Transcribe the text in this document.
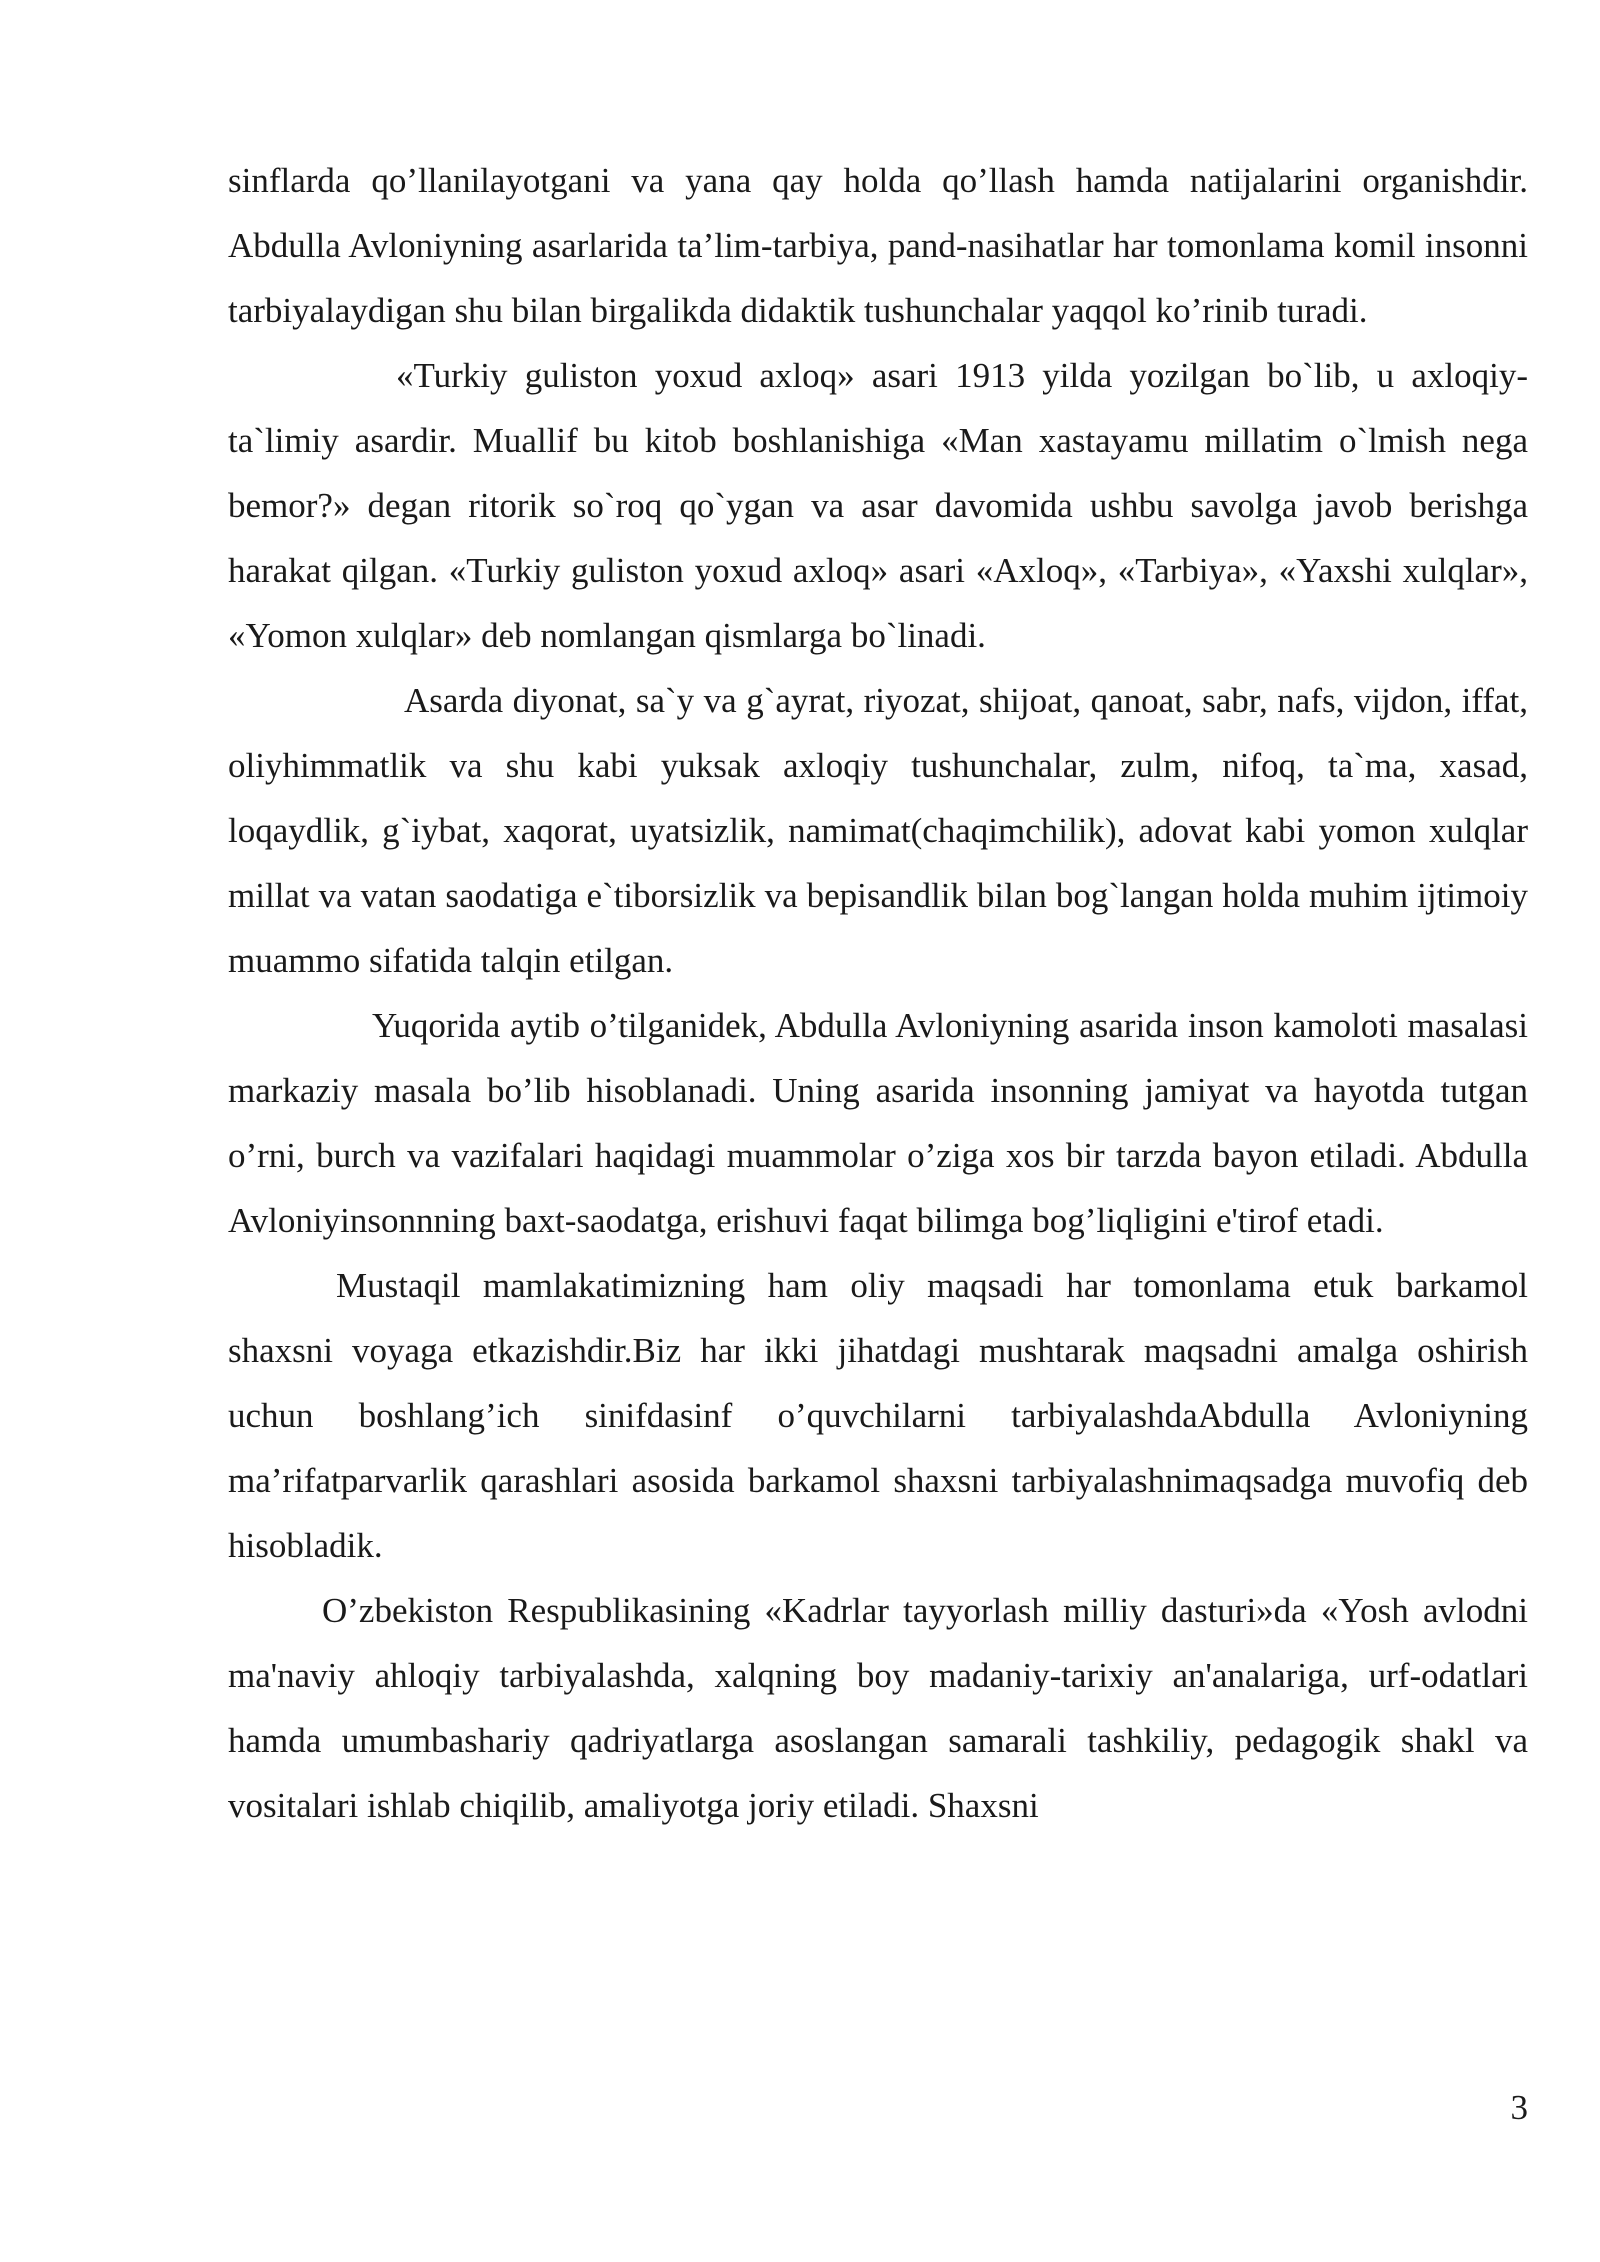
sinflarda qo’llanilayotgani va yana qay holda qo’llash hamda natijalarini organishdir. Abdulla Avloniyning asarlarida ta’lim-tarbiya, pand-nasihatlar har tomonlama komil insonni tarbiyalaydigan shu bilan birgalikda didaktik tushunchalar yaqqol ko’rinib turadi.

«Turkiy guliston yoxud axloq» asari 1913 yilda yozilgan bo`lib, u axloqiy-ta`limiy asardir. Muallif bu kitob boshlanishiga «Man xastayamu millatim o`lmish nega bemor?» degan ritorik so`roq qo`ygan va asar davomida ushbu savolga javob berishga harakat qilgan. «Turkiy guliston yoxud axloq» asari «Axloq», «Tarbiya», «Yaxshi xulqlar», «Yomon xulqlar» deb nomlangan qismlarga bo`linadi.

Asarda diyonat, sa`y va g`ayrat, riyozat, shijoat, qanoat, sabr, nafs, vijdon, iffat, oliyhimmatlik va shu kabi yuksak axloqiy tushunchalar, zulm, nifoq, ta`ma, xasad, loqaydlik, g`iybat, xaqorat, uyatsizlik, namimat(chaqimchilik), adovat kabi yomon xulqlar millat va vatan saodatiga e`tiborsizlik va bepisandlik bilan bog`langan holda muhim ijtimoiy muammo sifatida talqin etilgan.

Yuqorida aytib o’tilganidek, Abdulla Avloniyning asarida inson kamoloti masalasi markaziy masala bo’lib hisoblanadi. Uning asarida insonning jamiyat va hayotda tutgan o’rni, burch va vazifalari haqidagi muammolar o’ziga xos bir tarzda bayon etiladi. Abdulla Avloniyinsonnning baxt-saodatga, erishuvi faqat bilimga bog’liqligini e'tirof etadi.

Mustaqil mamlakatimizning ham oliy maqsadi har tomonlama etuk barkamol shaxsni voyaga etkazishdir.Biz har ikki jihatdagi mushtarak maqsadni amalga oshirish uchun boshlang’ich sinifdasinf o’quvchilarni tarbiyalashdaAbdulla Avloniyning ma’rifatparvarlik qarashlari asosida barkamol shaxsni tarbiyalashnimaqsadga muvofiq deb hisobladik.

O’zbekiston Respublikasining «Kadrlar tayyorlash milliy dasturi»da «Yosh avlodni ma'naviy ahloqiy tarbiyalashda, xalqning boy madaniy-tarixiy an'analariga, urf-odatlari hamda umumbashariy qadriyatlarga asoslangan samarali tashkiliy, pedagogik shakl va vositalari ishlab chiqilib, amaliyotga joriy etiladi. Shaxsni

3
